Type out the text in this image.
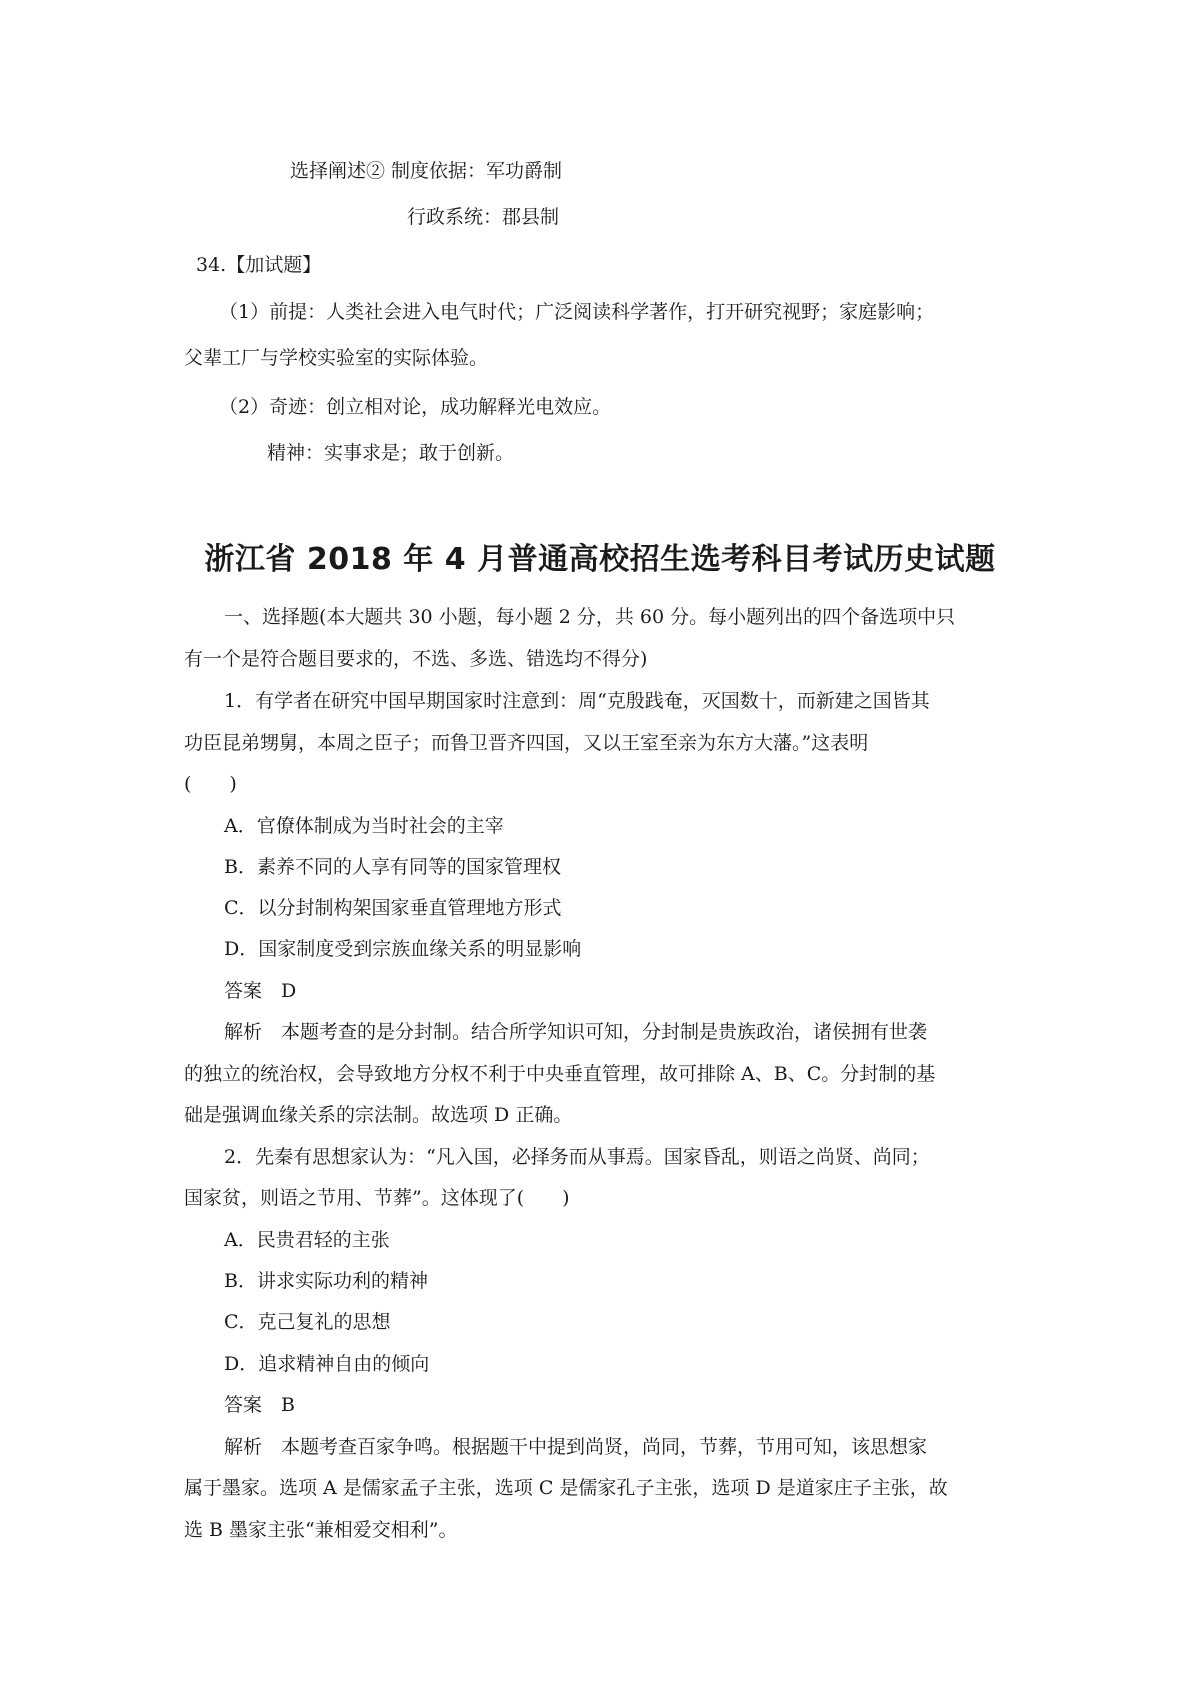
选择阐述② 制度依据：军功爵制
行政系统：郡县制
34.【加试题】
（1）前提：人类社会进入电气时代；广泛阅读科学著作，打开研究视野；家庭影响；
父辈工厂与学校实验室的实际体验。
（2）奇迹：创立相对论，成功解释光电效应。
精神：实事求是；敢于创新。
浙江省 2018 年 4 月普通高校招生选考科目考试历史试题
一、选择题(本大题共 30 小题，每小题 2 分，共 60 分。每小题列出的四个备选项中只
有一个是符合题目要求的，不选、多选、错选均不得分)
1．有学者在研究中国早期国家时注意到：周“克殷践奄，灭国数十，而新建之国皆其
功臣昆弟甥舅，本周之臣子；而鲁卫晋齐四国，又以王室至亲为东方大藩。”这表明
(　　)
A．官僚体制成为当时社会的主宰
B．素养不同的人享有同等的国家管理权
C．以分封制构架国家垂直管理地方形式
D．国家制度受到宗族血缘关系的明显影响
答案　D
解析　本题考查的是分封制。结合所学知识可知，分封制是贵族政治，诸侯拥有世袭
的独立的统治权，会导致地方分权不利于中央垂直管理，故可排除 A、B、C。分封制的基
础是强调血缘关系的宗法制。故选项 D 正确。
2．先秦有思想家认为：“凡入国，必择务而从事焉。国家昏乱，则语之尚贤、尚同；
国家贫，则语之节用、节葬”。这体现了(　　)
A．民贵君轻的主张
B．讲求实际功利的精神
C．克己复礼的思想
D．追求精神自由的倾向
答案　B
解析　本题考查百家争鸣。根据题干中提到尚贤，尚同，节葬，节用可知，该思想家
属于墨家。选项 A 是儒家孟子主张，选项 C 是儒家孔子主张，选项 D 是道家庄子主张，故
选 B 墨家主张“兼相爱交相利”。
